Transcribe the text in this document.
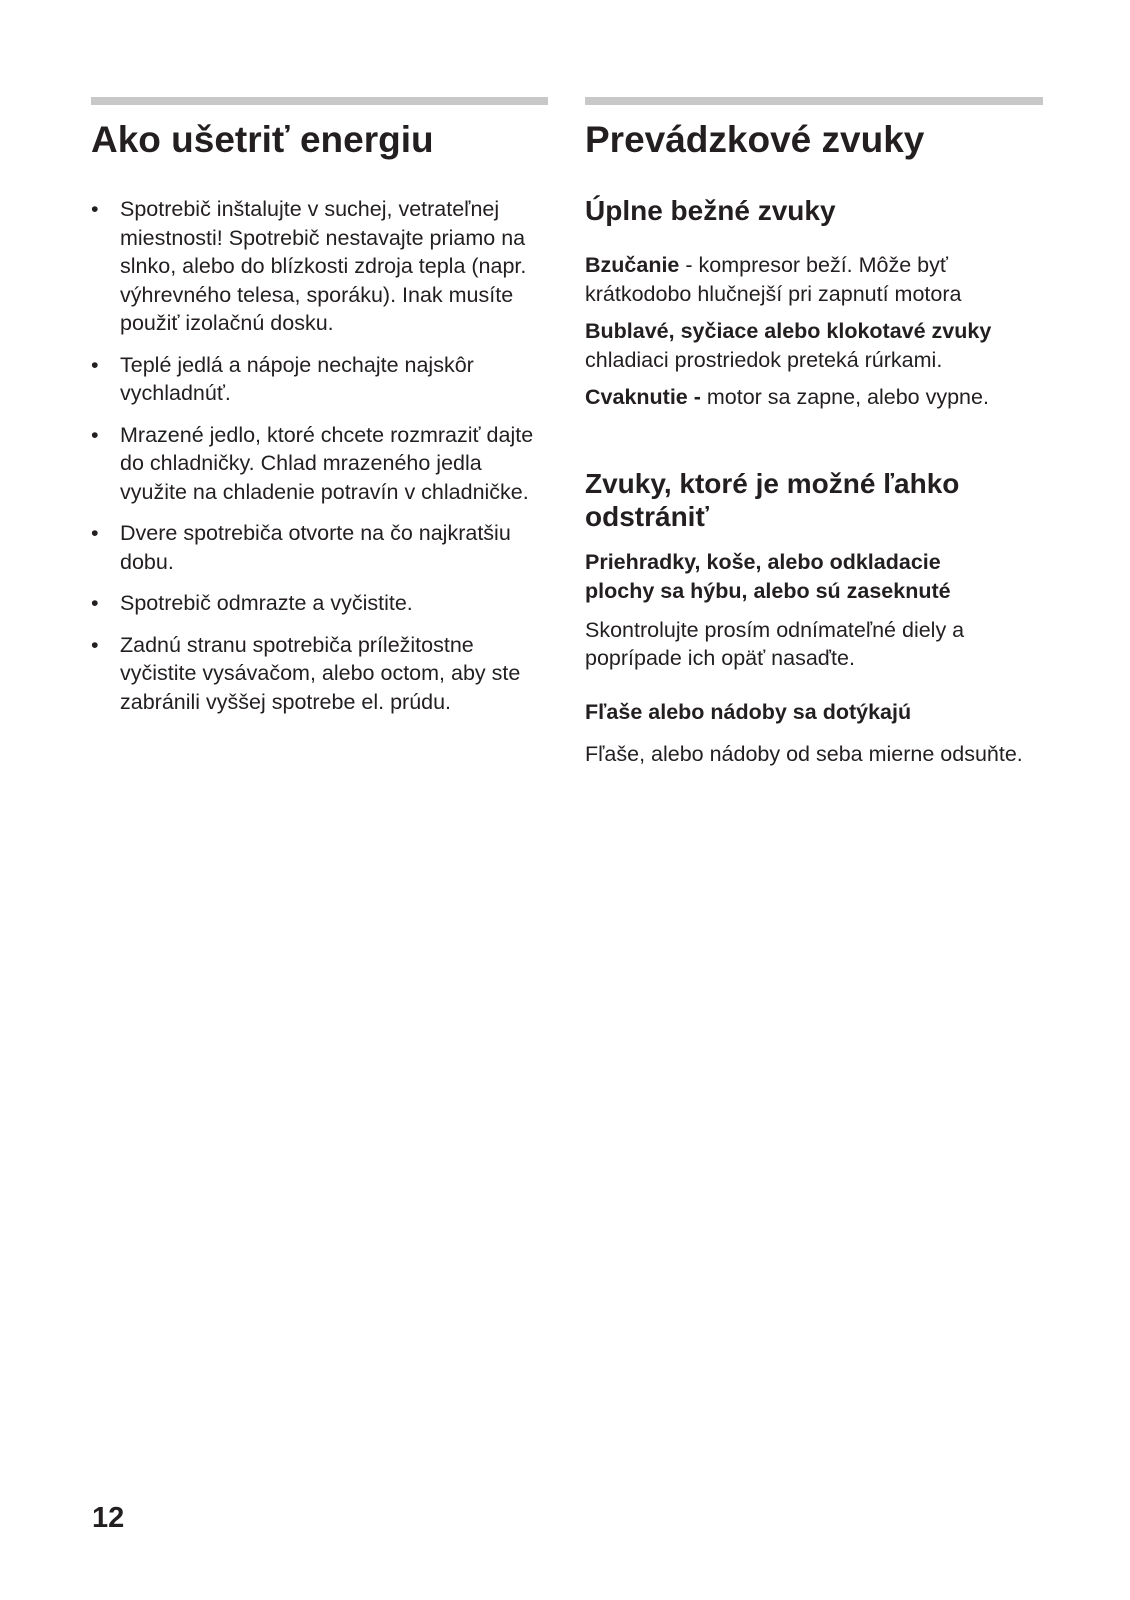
Ako ušetriť energiu
• Spotrebič inštalujte v suchej, vetrateľnej miestnosti! Spotrebič nestavajte priamo na slnko, alebo do blízkosti zdroja tepla (napr. výhrevného telesa, sporáku). Inak musíte použiť izolačnú dosku.
• Teplé jedlá a nápoje nechajte najskôr vychladnúť.
• Mrazené jedlo, ktoré chcete rozmraziť dajte do chladničky. Chlad mrazeného jedla využite na chladenie potravín v chladničke.
• Dvere spotrebiča otvorte na čo najkratšiu dobu.
• Spotrebič odmrazte a vyčistite.
• Zadnú stranu spotrebiča príležitostne vyčistite vysávačom, alebo octom, aby ste zabránili vyššej spotrebe el. prúdu.
Prevádzkové zvuky
Úplne bežné zvuky

Bzučanie - kompresor beží. Môže byť krátkodobo hlučnejší pri zapnutí motora

Bublavé, syčiace alebo klokotavé zvuky
chladiaci prostriedok preteká rúrkami.

Cvaknutie - motor sa zapne, alebo vypne.

Zvuky, ktoré je možné ľahko
odstrániť

Priehradky, koše, alebo odkladacie
plochy sa hýbu, alebo sú zaseknuté

Skontrolujte prosím odnímateľné diely a poprípade ich opäť nasaďte.

Fľaše alebo nádoby sa dotýkajú

Fľaše, alebo nádoby od seba mierne odsuňte.

12
